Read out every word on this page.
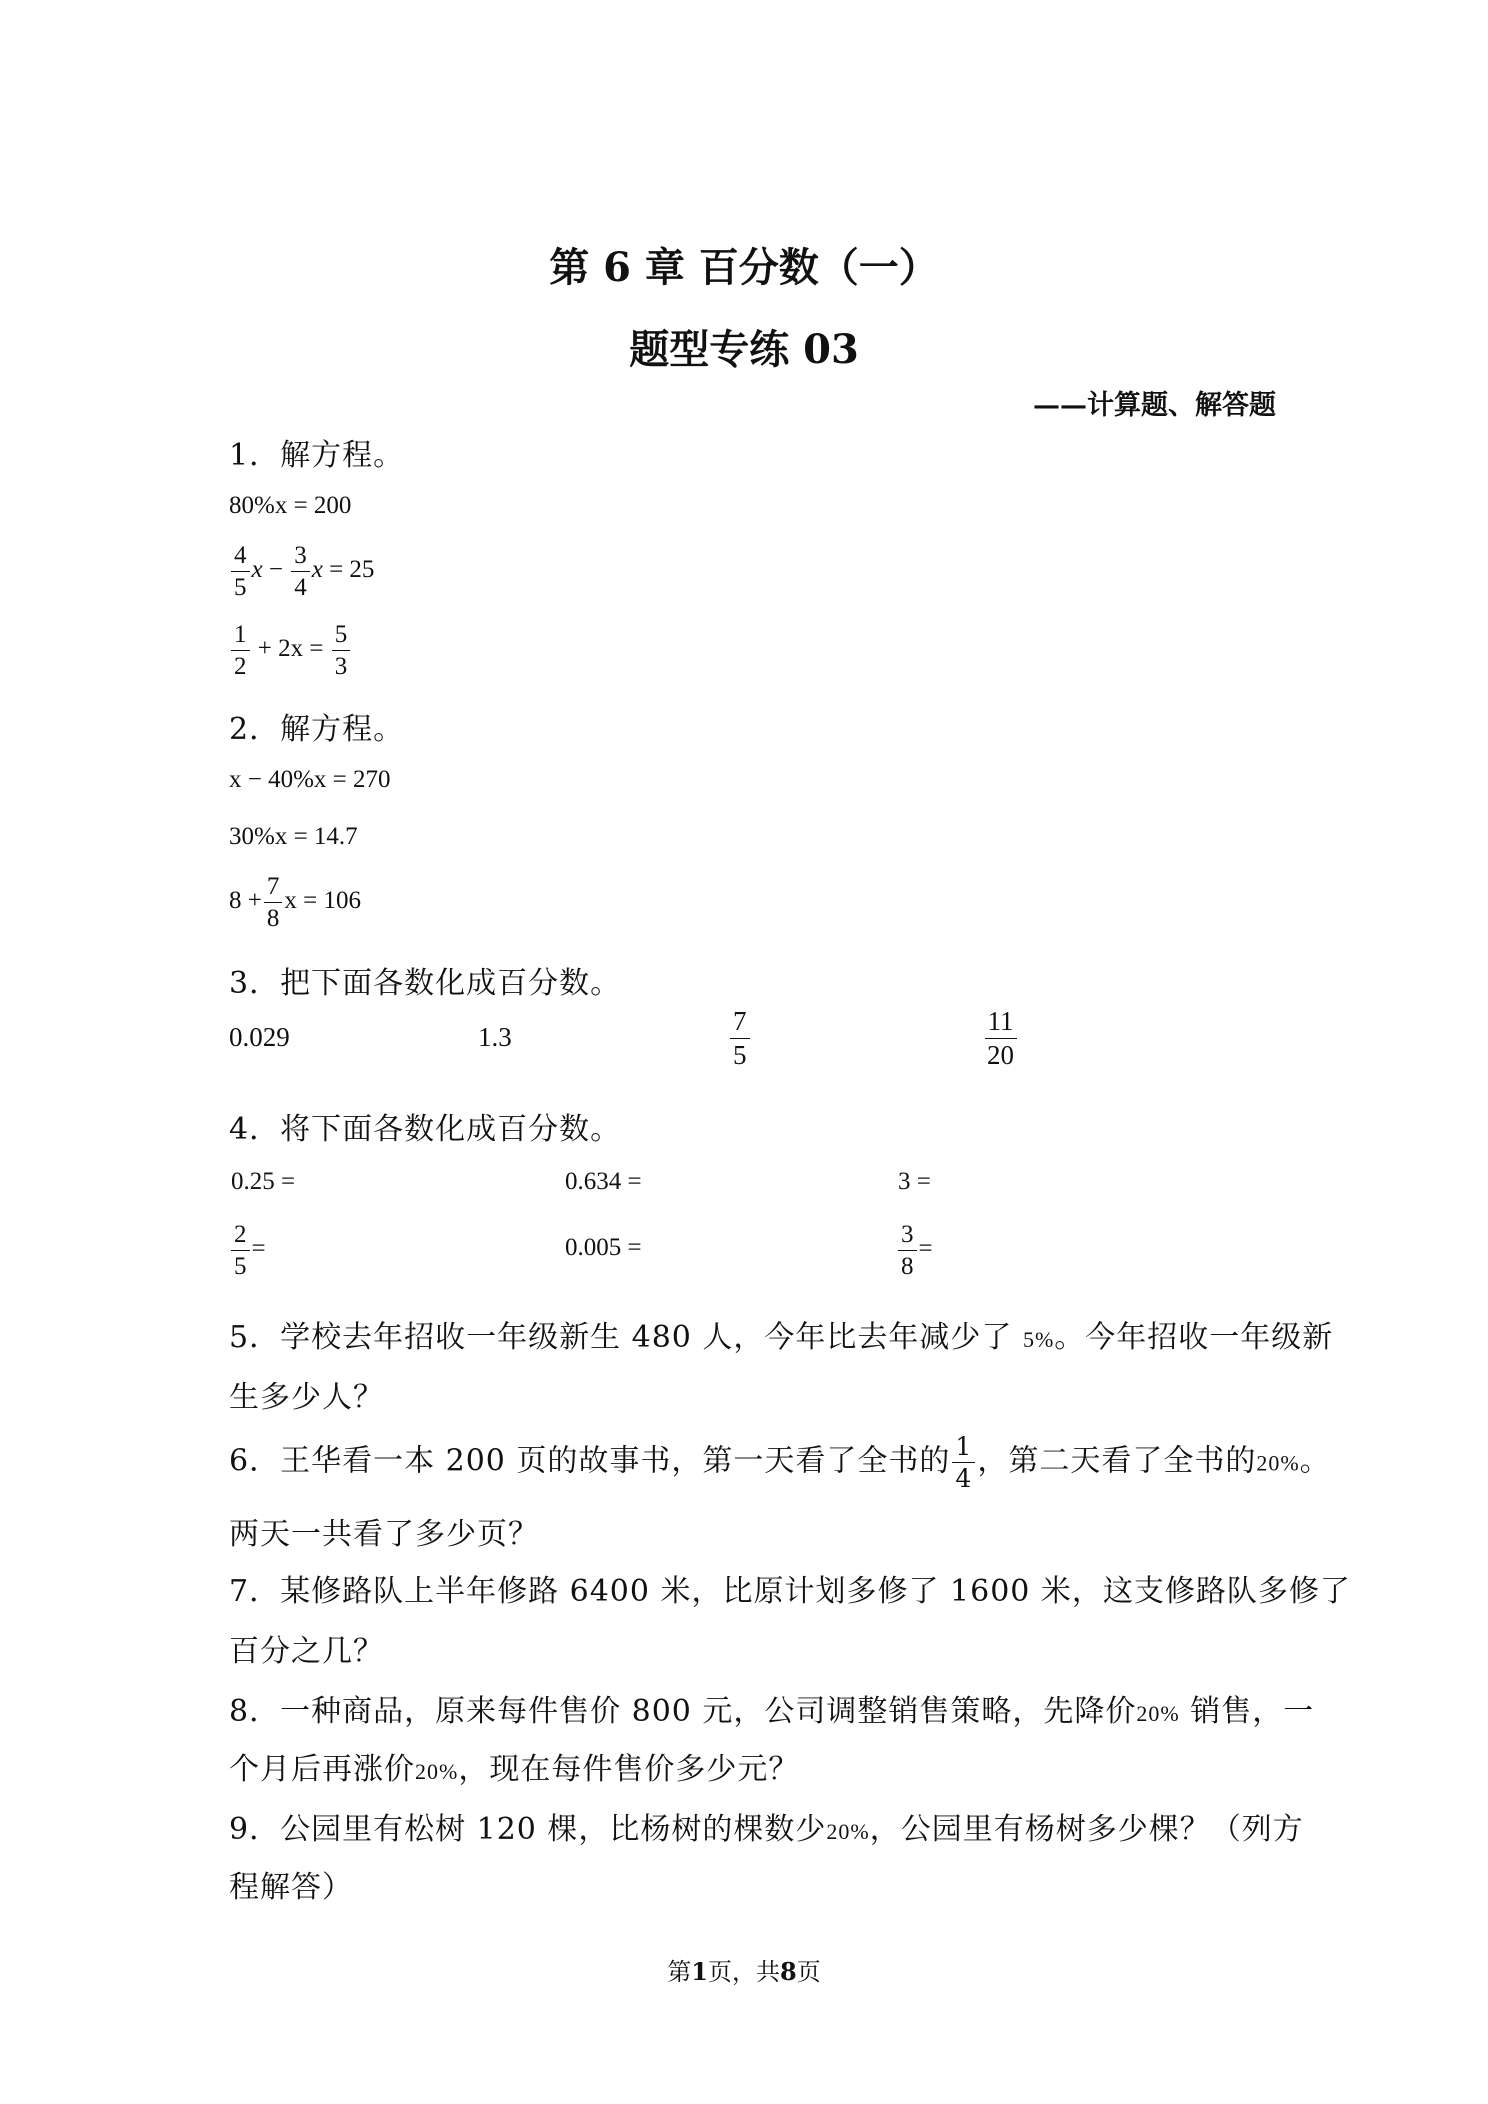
第 6 章 百分数（一）
题型专练 03
——计算题、解答题
1．解方程。
80%x = 200
$\frac{4}{5}$ $x - \frac{3}{4}$ x = 25
$\frac{1}{2} + 2x = \frac{5}{3}$
2．解方程。
x − 40%x = 270
30%x = 14.7
$8 + \frac{7}{8}$ x = 106
3．把下面各数化成百分数。
0.029	1.3	$\frac{7}{5}$	$\frac{11}{20}$
4．将下面各数化成百分数。
0.25 =	0.634 =	3 =
$\frac{2}{5}$ =	0.005 =	$\frac{3}{8}$ =
5．学校去年招收一年级新生 480 人，今年比去年减少了 5%。今年招收一年级新
生多少人？
6．王华看一本 200 页的故事书，第一天看了全书的 $\frac{1}{4}$ ，第二天看了全书的20%。
两天一共看了多少页？
7．某修路队上半年修路 6400 米，比原计划多修了 1600 米，这支修路队多修了
百分之几？
8．一种商品，原来每件售价 800 元，公司调整销售策略，先降价20% 销售，一
个月后再涨价20%，现在每件售价多少元？
9．公园里有松树 120 棵，比杨树的棵数少20%，公园里有杨树多少棵？（列方
程解答）
第1页，共8页
